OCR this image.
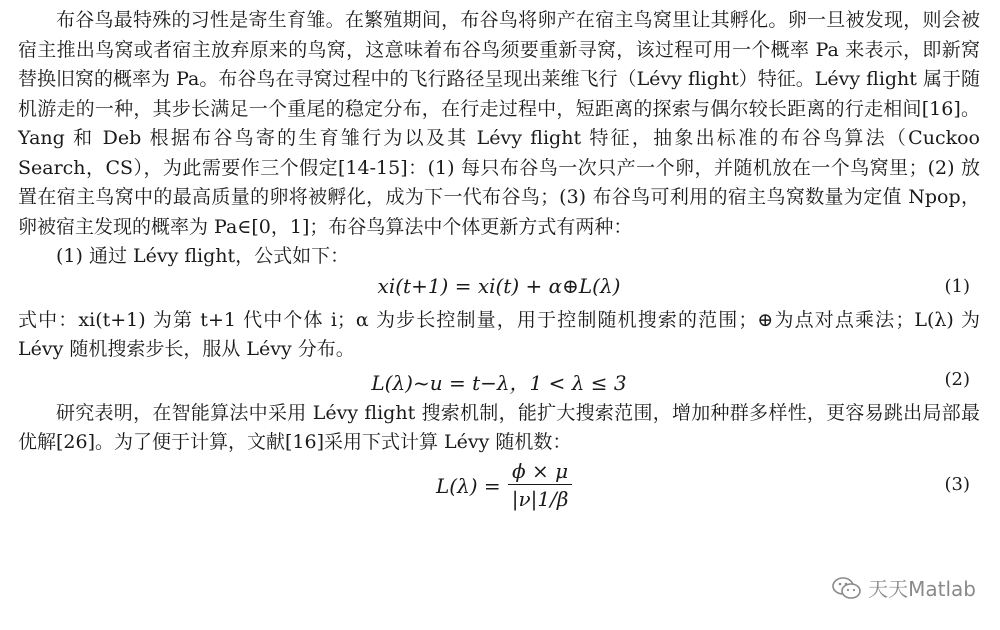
布谷鸟最特殊的习性是寄生育雏。在繁殖期间，布谷鸟将卵产在宿主鸟窝里让其孵化。卵一旦被发现，则会被宿主推出鸟窝或者宿主放弃原来的鸟窝，这意味着布谷鸟须要重新寻窝，该过程可用一个概率 Pa 来表示，即新窝替换旧窝的概率为 Pa。布谷鸟在寻窝过程中的飞行路径呈现出莱维飞行（Lévy flight）特征。Lévy flight 属于随机游走的一种，其步长满足一个重尾的稳定分布，在行走过程中，短距离的探索与偶尔较长距离的行走相间[16]。Yang 和 Deb 根据布谷鸟寄的生育雏行为以及其 Lévy flight 特征，抽象出标准的布谷鸟算法（Cuckoo Search，CS），为此需要作三个假定[14-15]：(1) 每只布谷鸟一次只产一个卵，并随机放在一个鸟窝里；(2) 放置在宿主鸟窝中的最高质量的卵将被孵化，成为下一代布谷鸟；(3) 布谷鸟可利用的宿主鸟窝数量为定值 Npop，卵被宿主发现的概率为 Pa∈[0，1]；布谷鸟算法中个体更新方式有两种：

(1) 通过 Lévy flight，公式如下：

xi(t+1) = xi(t) + α⊕L(λ)	(1)

式中：xi(t+1) 为第 t+1 代中个体 i；α 为步长控制量，用于控制随机搜索的范围；⊕为点对点乘法；L(λ) 为 Lévy 随机搜索步长，服从 Lévy 分布。

L(λ)~u = t−λ，1 < λ ≤ 3	(2)

研究表明，在智能算法中采用 Lévy flight 搜索机制，能扩大搜索范围，增加种群多样性，更容易跳出局部最优解[26]。为了便于计算，文献[16]采用下式计算 Lévy 随机数：

$L(\lambda) = \frac{\phi \times \mu}{|\nu|1/\beta}$	(3)
天天Matlab
